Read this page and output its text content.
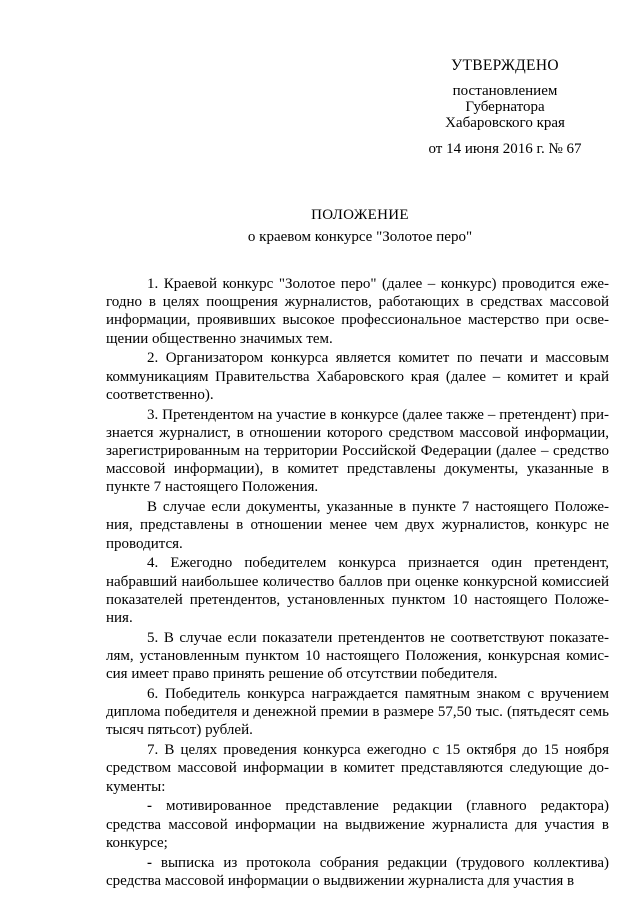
УТВЕРЖДЕНО
постановлением
Губернатора
Хабаровского края
от 14 июня 2016 г. № 67
ПОЛОЖЕНИЕ
о краевом конкурсе "Золотое перо"

1. Краевой конкурс "Золотое перо" (далее – конкурс) проводится ежегодно в целях поощрения журналистов, работающих в средствах массовой информации, проявивших высокое профессиональное мастерство при освещении общественно значимых тем.

2. Организатором конкурса является комитет по печати и массовым коммуникациям Правительства Хабаровского края (далее – комитет и край соответственно).

3. Претендентом на участие в конкурсе (далее также – претендент) признается журналист, в отношении которого средством массовой информации, зарегистрированным на территории Российской Федерации (далее – средство массовой информации), в комитет представлены документы, указанные в пункте 7 настоящего Положения.

В случае если документы, указанные в пункте 7 настоящего Положения, представлены в отношении менее чем двух журналистов, конкурс не проводится.

4. Ежегодно победителем конкурса признается один претендент, набравший наибольшее количество баллов при оценке конкурсной комиссией показателей претендентов, установленных пунктом 10 настоящего Положения.

5. В случае если показатели претендентов не соответствуют показателям, установленным пунктом 10 настоящего Положения, конкурсная комиссия имеет право принять решение об отсутствии победителя.

6. Победитель конкурса награждается памятным знаком с вручением диплома победителя и денежной премии в размере 57,50 тыс. (пятьдесят семь тысяч пятьсот) рублей.

7. В целях проведения конкурса ежегодно с 15 октября до 15 ноября средством массовой информации в комитет представляются следующие документы:

- мотивированное представление редакции (главного редактора) средства массовой информации на выдвижение журналиста для участия в конкурсе;

- выписка из протокола собрания редакции (трудового коллектива) средства массовой информации о выдвижении журналиста для участия в
